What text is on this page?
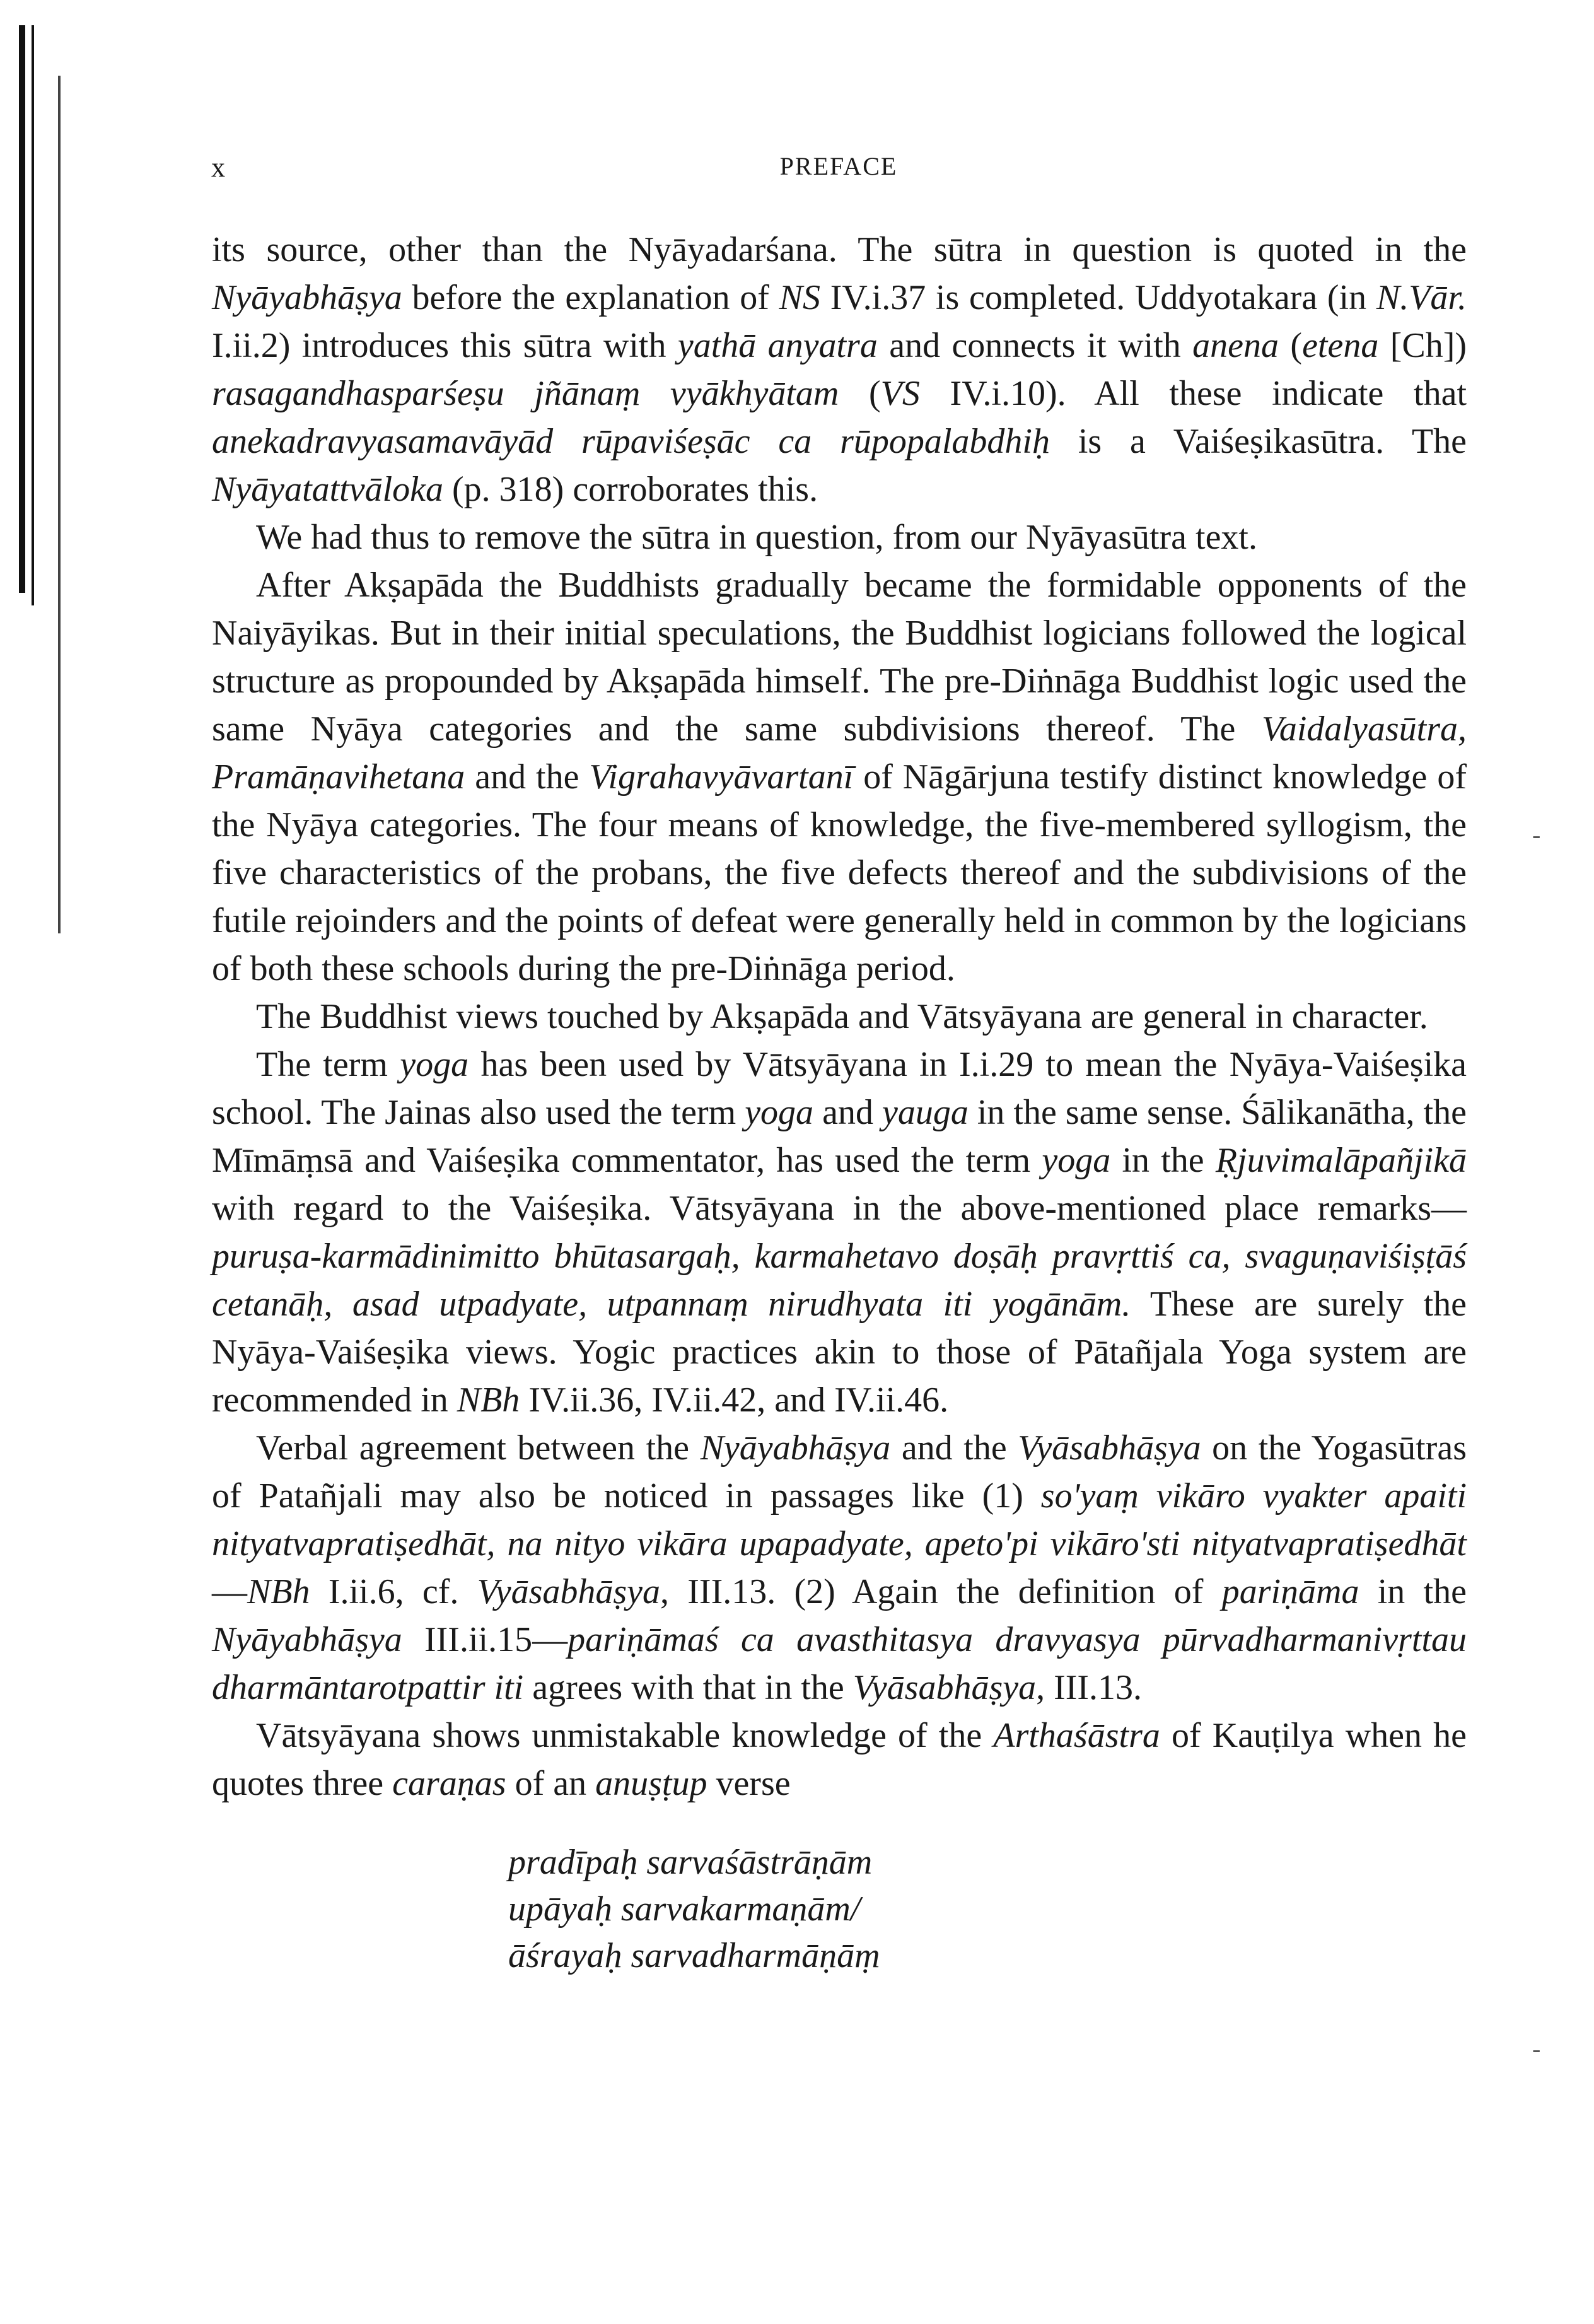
x	PREFACE

its source, other than the Nyāyadarśana. The sūtra in question is quoted in the Nyāyabhāṣya before the explanation of NS IV.i.37 is completed. Uddyotakara (in N.Vār. I.ii.2) introduces this sūtra with yathā anyatra and connects it with anena (etena [Ch]) rasagandhasparśeṣu jñānaṃ vyākhyātam (VS IV.i.10). All these indicate that anekadravyasamavāyād rūpaviśeṣāc ca rūpopalabdhiḥ is a Vaiśeṣikasūtra. The Nyāyatattvāloka (p. 318) corroborates this.

We had thus to remove the sūtra in question, from our Nyāyasūtra text.

After Akṣapāda the Buddhists gradually became the formidable opponents of the Naiyāyikas. But in their initial speculations, the Buddhist logicians followed the logical structure as propounded by Akṣapāda himself. The pre-Diṅnāga Buddhist logic used the same Nyāya categories and the same subdivisions thereof. The Vaidalyasūtra, Pramāṇavihetana and the Vigrahavyāvartanī of Nāgārjuna testify distinct knowledge of the Nyāya categories. The four means of knowledge, the five-membered syllogism, the five characteristics of the probans, the five defects thereof and the subdivisions of the futile rejoinders and the points of defeat were generally held in common by the logicians of both these schools during the pre-Diṅnāga period.

The Buddhist views touched by Akṣapāda and Vātsyāyana are general in character.

The term yoga has been used by Vātsyāyana in I.i.29 to mean the Nyāya-Vaiśeṣika school. The Jainas also used the term yoga and yauga in the same sense. Śālikanātha, the Mīmāṃsā and Vaiśeṣika commentator, has used the term yoga in the Ṛjuvimalāpañjikā with regard to the Vaiśeṣika. Vātsyāyana in the above-mentioned place remarks—puruṣa-karmādinimitto bhūtasargaḥ, karmahetavo doṣāḥ pravṛttiś ca, svaguṇaviśiṣṭāś cetanāḥ, asad utpadyate, utpannaṃ nirudhyata iti yogānām. These are surely the Nyāya-Vaiśeṣika views. Yogic practices akin to those of Pātañjala Yoga system are recommended in NBh IV.ii.36, IV.ii.42, and IV.ii.46.

Verbal agreement between the Nyāyabhāṣya and the Vyāsabhāṣya on the Yogasūtras of Patañjali may also be noticed in passages like (1) so'yaṃ vikāro vyakter apaiti nityatvapratiṣedhāt, na nityo vikāra upapadyate, apeto'pi vikāro'sti nityatvapratiṣedhāt—NBh I.ii.6, cf. Vyāsabhāṣya, III.13. (2) Again the definition of pariṇāma in the Nyāyabhāṣya III.ii.15—pariṇāmaś ca avasthitasya dravyasya pūrvadharmanivṛttau dharmāntarotpattir iti agrees with that in the Vyāsabhāṣya, III.13.

Vātsyāyana shows unmistakable knowledge of the Arthaśāstra of Kauṭilya when he quotes three caraṇas of an anuṣṭup verse

pradīpaḥ sarvaśāstrāṇām
upāyaḥ sarvakarmaṇām/
āśrayaḥ sarvadharmāṇāṃ
-
-
